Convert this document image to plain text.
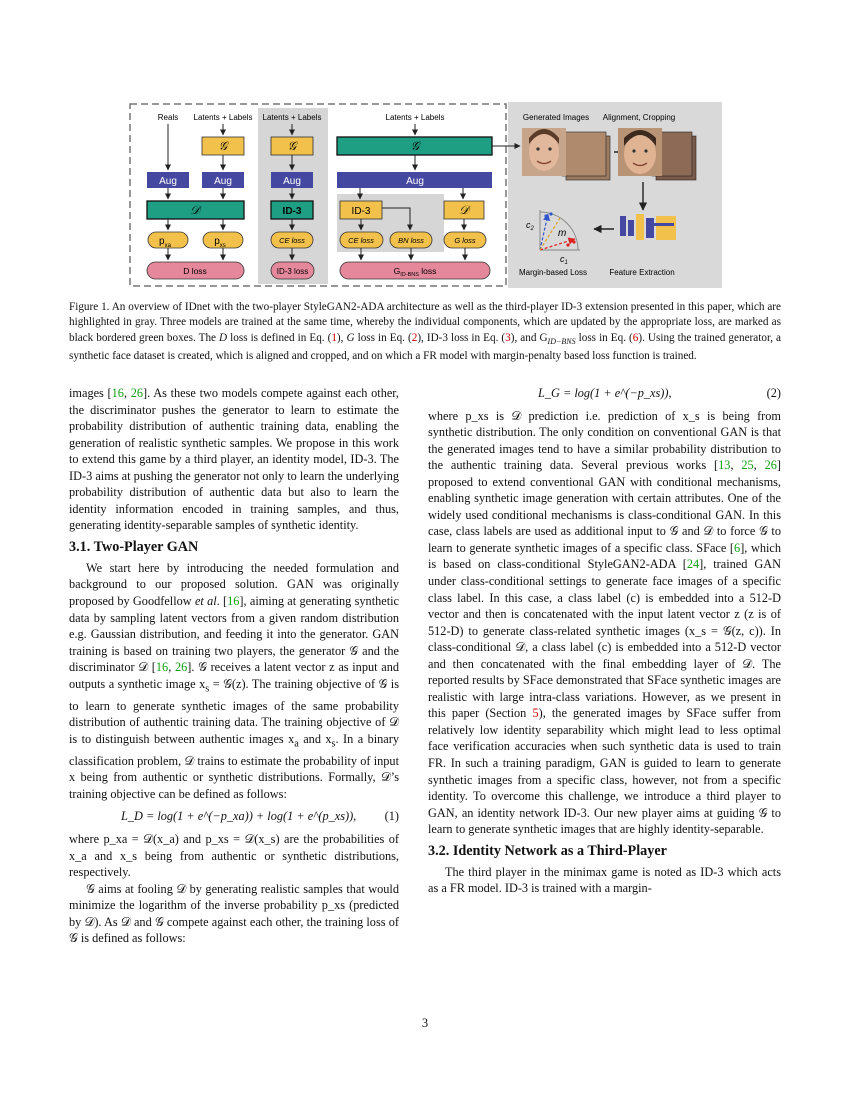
Reals Latents + Labels Latents + Labels	Latents + Labels
𝒢	𝒢	𝒢
Aug	Aug	Aug	Aug
𝒟	ID-3	ID-3	𝒟
$p_{xa}$	$p_{xs}$
CE loss	CE loss	BN loss	G loss
D loss	ID-3 loss	$G_{ID-BNS}$ loss
Generated Images Alignment, Cropping
$c_2$ m
$c_1$
Margin-based Loss	Feature Extraction
Figure 1. An overview of IDnet with the two-player StyleGAN2-ADA architecture as well as the third-player ID-3 extension presented in this paper, which are highlighted in gray. Three models are trained at the same time, whereby the individual components, which are updated by the appropriate loss, are marked as black bordered green boxes. The D loss is defined in Eq. (1), G loss in Eq. (2), ID-3 loss in Eq. (3), and $G_{ID-BNS}$ loss in Eq. (6). Using the trained generator, a synthetic face dataset is created, which is aligned and cropped, and on which a FR model with margin-penalty based loss function is trained.

images [16, 26]. As these two models compete against each other, the discriminator pushes the generator to learn to estimate the probability distribution of authentic training data, enabling the generation of realistic synthetic samples. We propose in this work to extend this game by a third player, an identity model, ID-3. The ID-3 aims at pushing the generator not only to learn the underlying probability distribution of authentic data but also to learn the identity information encoded in training samples, and thus, generating identity-separable samples of synthetic identity.

3.1. Two-Player GAN

We start here by introducing the needed formulation and background to our proposed solution. GAN was originally proposed by Goodfellow et al. [16], aiming at generating synthetic data by sampling latent vectors from a given random distribution e.g. Gaussian distribution, and feeding it into the generator. GAN training is based on training two players, the generator 𝒢 and the discriminator 𝒟 [16, 26]. 𝒢 receives a latent vector z as input and outputs a synthetic image $x_s$ = 𝒢(z). The training objective of 𝒢 is to learn to generate synthetic images of the same probability distribution of authentic training data. The training objective of 𝒟 is to distinguish between authentic images $x_a$ and $x_s$. In a binary classification problem, 𝒟 trains to estimate the probability of input x being from authentic or synthetic distributions. Formally, 𝒟’s training objective can be defined as follows:

L_D = log(1 + e^(−p_xa)) + log(1 + e^(p_xs)), (1)

where p_xa = 𝒟(x_a) and p_xs = 𝒟(x_s) are the probabilities of x_a and x_s being from authentic or synthetic distributions, respectively.

𝒢 aims at fooling 𝒟 by generating realistic samples that would minimize the logarithm of the inverse probability p_xs (predicted by 𝒟). As 𝒟 and 𝒢 compete against each other, the training loss of 𝒢 is defined as follows:

L_G = log(1 + e^(−p_xs)),	(2)

where p_xs is 𝒟 prediction i.e. prediction of x_s is being from synthetic distribution. The only condition on conventional GAN is that the generated images tend to have a similar probability distribution to the authentic training data. Several previous works [13, 25, 26] proposed to extend conventional GAN with conditional mechanisms, enabling synthetic image generation with certain attributes. One of the widely used conditional mechanisms is class-conditional GAN. In this case, class labels are used as additional input to 𝒢 and 𝒟 to force 𝒢 to learn to generate synthetic images of a specific class. SFace [6], which is based on class-conditional StyleGAN2-ADA [24], trained GAN under class-conditional settings to generate face images of a specific class label. In this case, a class label (c) is embedded into a 512-D vector and then is concatenated with the input latent vector z (z is of 512-D) to generate class-related synthetic images (x_s = 𝒢(z, c)). In class-conditional 𝒟, a class label (c) is embedded into a 512-D vector and then concatenated with the final embedding layer of 𝒟. The reported results by SFace demonstrated that SFace synthetic images are realistic with large intra-class variations. However, as we present in this paper (Section 5), the generated images by SFace suffer from relatively low identity separability which might lead to less optimal face verification accuracies when such synthetic data is used to train FR. In such a training paradigm, GAN is guided to learn to generate synthetic images from a specific class, however, not from a specific identity. To overcome this challenge, we introduce a third player to GAN, an identity network ID-3. Our new player aims at guiding 𝒢 to learn to generate synthetic images that are highly identity-separable.

3.2. Identity Network as a Third-Player

The third player in the minimax game is noted as ID-3 which acts as a FR model. ID-3 is trained with a margin-

3
